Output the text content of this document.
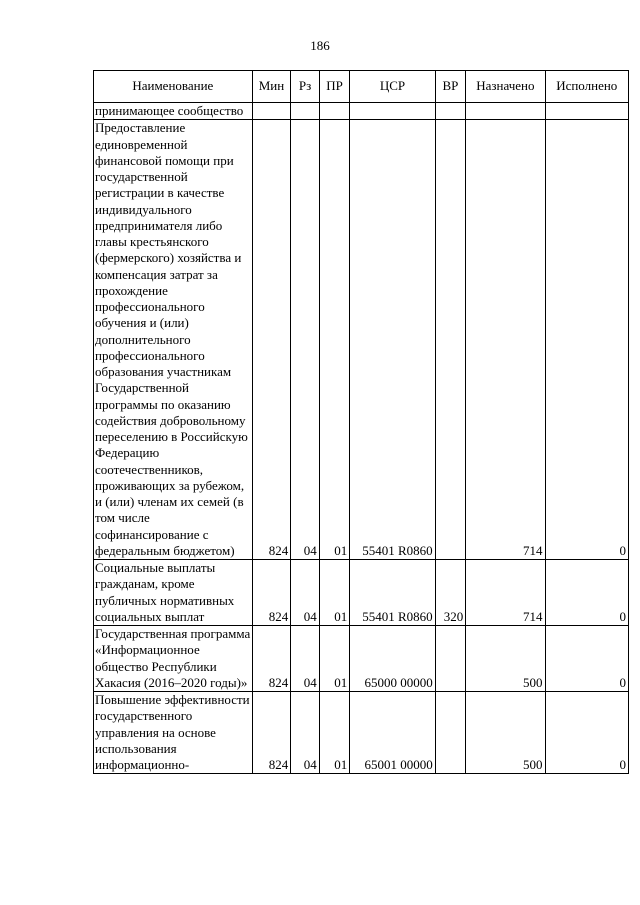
186
Наименование	Мин	Рз	ПР	ЦСР	ВР	Назначено	Исполнено
принимающее сообщество							
Предоставление единовременной финансовой помощи при государственной регистрации в качестве индивидуального предпринимателя либо главы крестьянского (фермерского) хозяйства и компенсация затрат за прохождение профессионального обучения и (или) дополнительного профессионального образования участникам Государственной программы по оказанию содействия добровольному переселению в Российскую Федерацию соотечественников, проживающих за рубежом, и (или) членам их семей (в том числе софинансирование с федеральным бюджетом)	824	04	01	55401 R0860		714	0
Социальные выплаты гражданам, кроме публичных нормативных социальных выплат	824	04	01	55401 R0860	320	714	0
Государственная программа «Информационное общество Республики Хакасия (2016–2020 годы)»	824	04	01	65000 00000		500	0
Повышение эффективности государственного управления на основе использования информационно-	824	04	01	65001 00000		500	0
